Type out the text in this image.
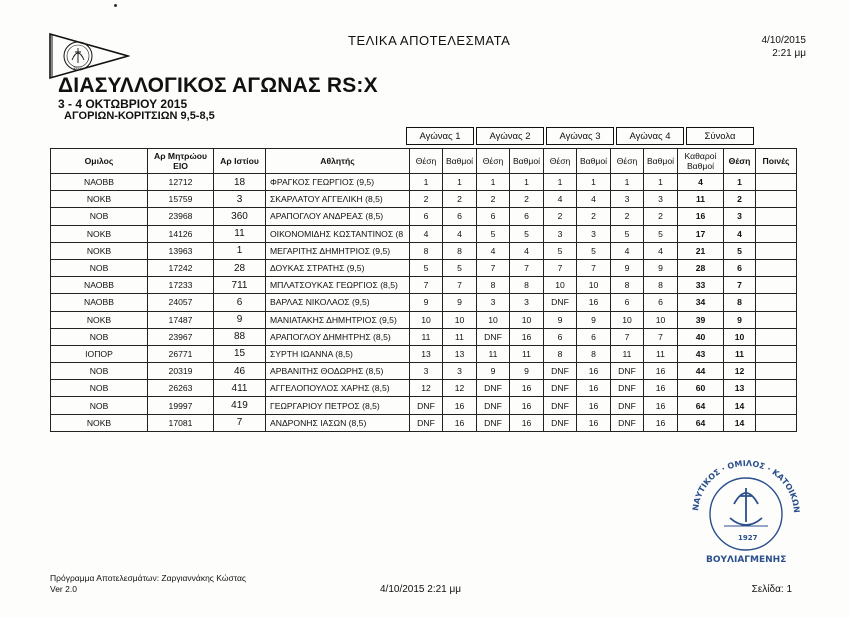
1927
ΤΕΛΙΚΑ ΑΠΟΤΕΛΕΣΜΑΤΑ	4/10/2015
2:21 μμ
ΔΙΑΣΥΛΛΟΓΙΚΟΣ ΑΓΩΝΑΣ RS:X
3 - 4 ΟΚΤΩΒΡΙΟΥ 2015
ΑΓΟΡΙΩΝ-ΚΟΡΙΤΣΙΩΝ 9,5-8,5
Αγώνας 1	Αγώνας 2	Αγώνας 3	Αγώνας 4	Σύνολα
Ομιλος	Αρ Μητρώου ΕΙΟ	Αρ Ιστίου	Αθλητής	Θέση	Βαθμοί	Θέση	Βαθμοί	Θέση	Βαθμοί	Θέση	Βαθμοί	Καθαροί Βαθμοί	Θέση	Ποινές
ΝΑΟΒΒ	12712	18	ΦΡΑΓΚΟΣ ΓΕΩΡΓΙΟΣ (9,5)	1	1	1	1	1	1	1	1	4	1	
ΝΟΚΒ	15759	3	ΣΚΑΡΛΑΤΟΥ ΑΓΓΕΛΙΚΗ (8,5)	2	2	2	2	4	4	3	3	11	2	
ΝΟΒ	23968	360	ΑΡΑΠΟΓΛΟΥ ΑΝΔΡΕΑΣ (8,5)	6	6	6	6	2	2	2	2	16	3	
ΝΟΚΒ	14126	11	ΟΙΚΟΝΟΜΙΔΗΣ ΚΩΣΤΑΝΤΙΝΟΣ (8	4	4	5	5	3	3	5	5	17	4	
ΝΟΚΒ	13963	1	ΜΕΓΑΡΙΤΗΣ ΔΗΜΗΤΡΙΟΣ (9,5)	8	8	4	4	5	5	4	4	21	5	
ΝΟΒ	17242	28	ΔΟΥΚΑΣ ΣΤΡΑΤΗΣ (9,5)	5	5	7	7	7	7	9	9	28	6	
ΝΑΟΒΒ	17233	711	ΜΠΛΑΤΣΟΥΚΑΣ ΓΕΩΡΓΙΟΣ (8,5)	7	7	8	8	10	10	8	8	33	7	
ΝΑΟΒΒ	24057	6	ΒΑΡΛΑΣ ΝΙΚΟΛΑΟΣ (9,5)	9	9	3	3	DNF	16	6	6	34	8	
ΝΟΚΒ	17487	9	ΜΑΝΙΑΤΑΚΗΣ ΔΗΜΗΤΡΙΟΣ (9,5)	10	10	10	10	9	9	10	10	39	9	
ΝΟΒ	23967	88	ΑΡΑΠΟΓΛΟΥ ΔΗΜΗΤΡΗΣ (8,5)	11	11	DNF	16	6	6	7	7	40	10	
ΙΟΠΟΡ	26771	15	ΣΥΡΤΗ ΙΩΑΝΝΑ (8,5)	13	13	11	11	8	8	11	11	43	11	
ΝΟΒ	20319	46	ΑΡΒΑΝΙΤΗΣ ΘΟΔΩΡΗΣ (8,5)	3	3	9	9	DNF	16	DNF	16	44	12	
ΝΟΒ	26263	411	ΑΓΓΕΛΟΠΟΥΛΟΣ ΧΑΡΗΣ (8,5)	12	12	DNF	16	DNF	16	DNF	16	60	13	
ΝΟΒ	19997	419	ΓΕΩΡΓΑΡΙΟΥ ΠΕΤΡΟΣ (8,5)	DNF	16	DNF	16	DNF	16	DNF	16	64	14	
ΝΟΚΒ	17081	7	ΑΝΔΡΟΝΗΣ ΙΑΣΩΝ (8,5)	DNF	16	DNF	16	DNF	16	DNF	16	64	14	
ΝΑΥΤΙΚΟΣ · ΟΜΙΛΟΣ · ΚΑΤΟΙΚΩΝ
1927
ΒΟΥΛΙΑΓΜΕΝΗΣ
Πρόγραμμα Αποτελεσμάτων: Ζαργιαννάκης Κώστας
Ver 2.0	4/10/2015 2:21 μμ	Σελίδα: 1
